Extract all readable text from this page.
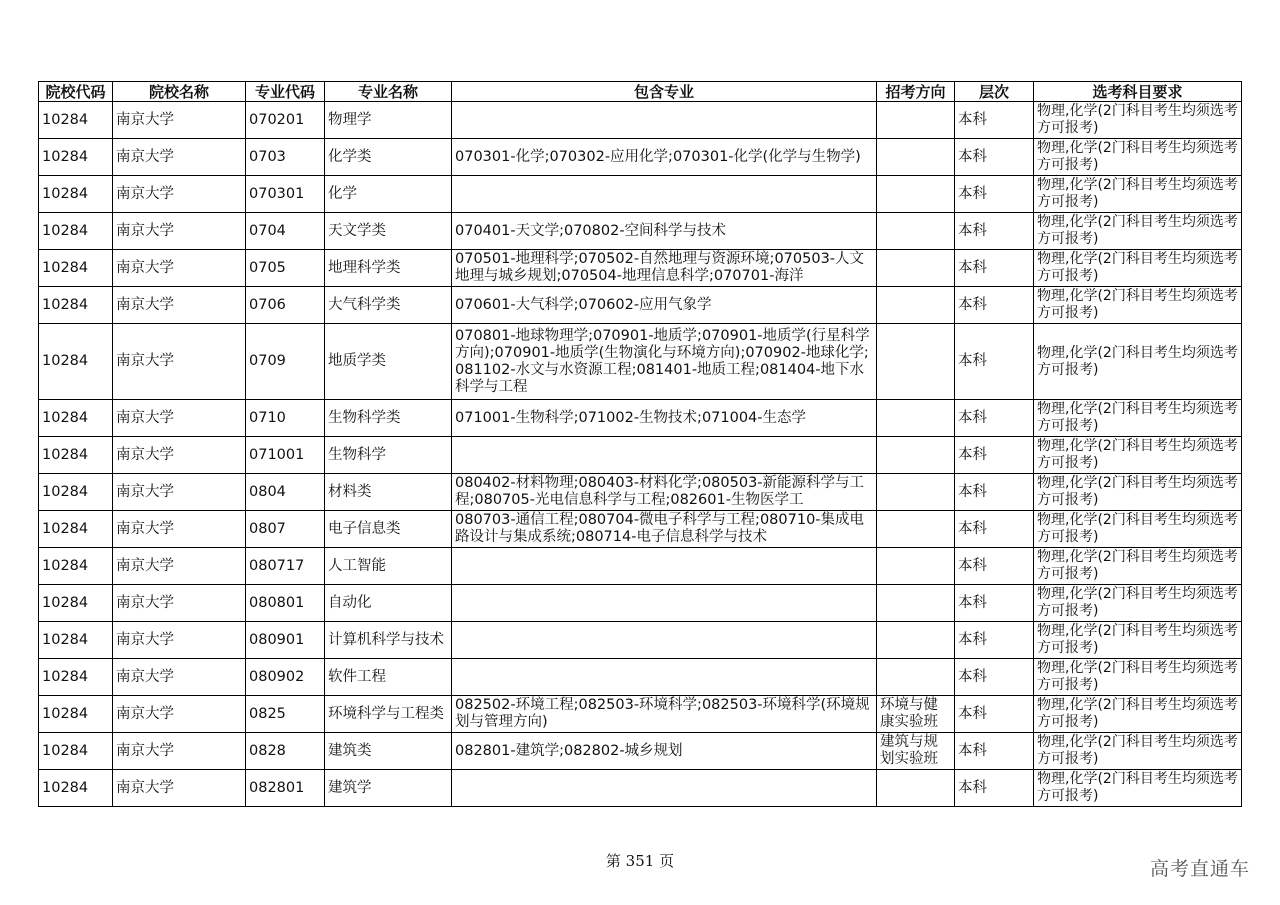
院校代码	院校名称	专业代码	专业名称	包含专业	招考方向	层次	选考科目要求
10284	南京大学	070201	物理学			本科	物理,化学(2门科目考生均须选考方可报考)
10284	南京大学	0703	化学类	070301-化学;070302-应用化学;070301-化学(化学与生物学)		本科	物理,化学(2门科目考生均须选考方可报考)
10284	南京大学	070301	化学			本科	物理,化学(2门科目考生均须选考方可报考)
10284	南京大学	0704	天文学类	070401-天文学;070802-空间科学与技术		本科	物理,化学(2门科目考生均须选考方可报考)
10284	南京大学	0705	地理科学类	070501-地理科学;070502-自然地理与资源环境;070503-人文地理与城乡规划;070504-地理信息科学;070701-海洋		本科	物理,化学(2门科目考生均须选考方可报考)
10284	南京大学	0706	大气科学类	070601-大气科学;070602-应用气象学		本科	物理,化学(2门科目考生均须选考方可报考)
10284	南京大学	0709	地质学类	070801-地球物理学;070901-地质学;070901-地质学(行星科学方向);070901-地质学(生物演化与环境方向);070902-地球化学;081102-水文与水资源工程;081401-地质工程;081404-地下水科学与工程		本科	物理,化学(2门科目考生均须选考方可报考)
10284	南京大学	0710	生物科学类	071001-生物科学;071002-生物技术;071004-生态学		本科	物理,化学(2门科目考生均须选考方可报考)
10284	南京大学	071001	生物科学			本科	物理,化学(2门科目考生均须选考方可报考)
10284	南京大学	0804	材料类	080402-材料物理;080403-材料化学;080503-新能源科学与工程;080705-光电信息科学与工程;082601-生物医学工		本科	物理,化学(2门科目考生均须选考方可报考)
10284	南京大学	0807	电子信息类	080703-通信工程;080704-微电子科学与工程;080710-集成电路设计与集成系统;080714-电子信息科学与技术		本科	物理,化学(2门科目考生均须选考方可报考)
10284	南京大学	080717	人工智能			本科	物理,化学(2门科目考生均须选考方可报考)
10284	南京大学	080801	自动化			本科	物理,化学(2门科目考生均须选考方可报考)
10284	南京大学	080901	计算机科学与技术			本科	物理,化学(2门科目考生均须选考方可报考)
10284	南京大学	080902	软件工程			本科	物理,化学(2门科目考生均须选考方可报考)
10284	南京大学	0825	环境科学与工程类	082502-环境工程;082503-环境科学;082503-环境科学(环境规划与管理方向)	环境与健康实验班	本科	物理,化学(2门科目考生均须选考方可报考)
10284	南京大学	0828	建筑类	082801-建筑学;082802-城乡规划	建筑与规划实验班	本科	物理,化学(2门科目考生均须选考方可报考)
10284	南京大学	082801	建筑学			本科	物理,化学(2门科目考生均须选考方可报考)
第 351 页	高考直通车
